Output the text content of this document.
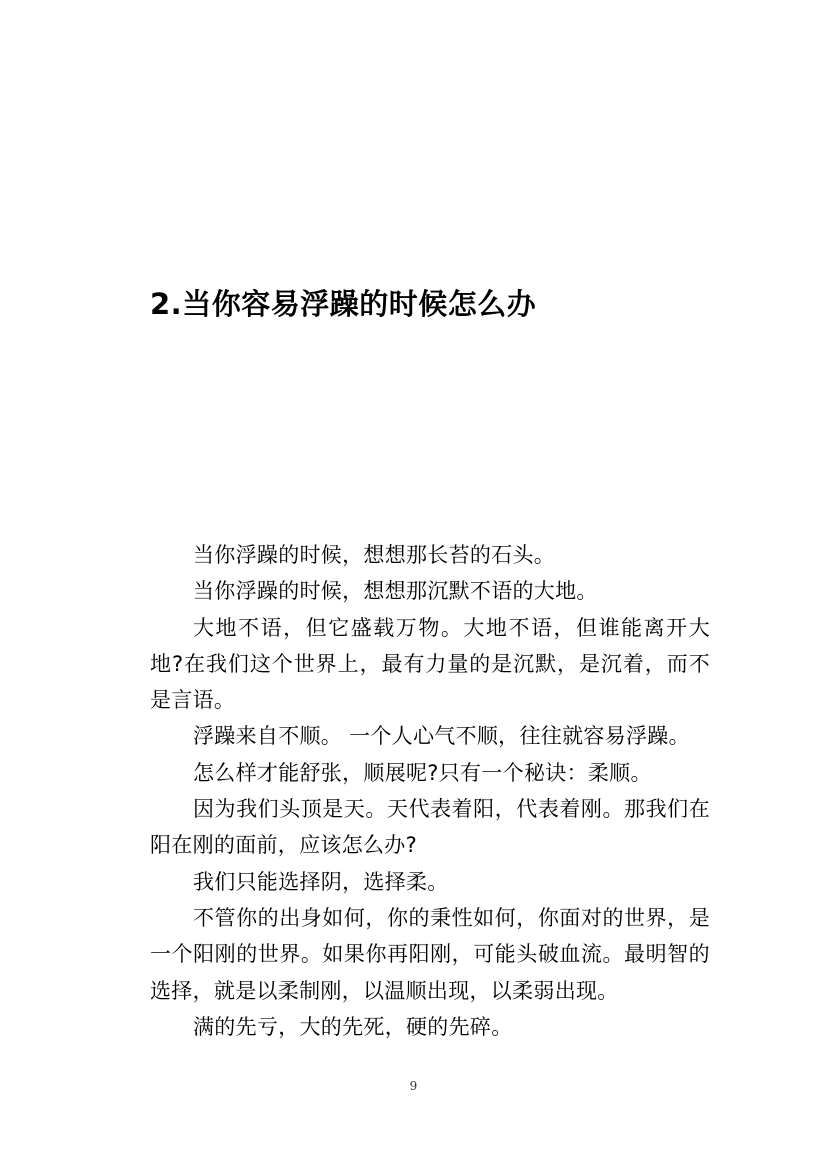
2.当你容易浮躁的时候怎么办

当你浮躁的时候，想想那长苔的石头。

当你浮躁的时候，想想那沉默不语的大地。

大地不语，但它盛载万物。大地不语，但谁能离开大地?在我们这个世界上，最有力量的是沉默，是沉着，而不是言语。

浮躁来自不顺。 一个人心气不顺，往往就容易浮躁。

怎么样才能舒张，顺展呢?只有一个秘诀：柔顺。

因为我们头顶是天。天代表着阳，代表着刚。那我们在阳在刚的面前，应该怎么办?

我们只能选择阴，选择柔。

不管你的出身如何，你的秉性如何，你面对的世界，是一个阳刚的世界。如果你再阳刚，可能头破血流。最明智的选择，就是以柔制刚，以温顺出现，以柔弱出现。

满的先亏，大的先死，硬的先碎。

9
